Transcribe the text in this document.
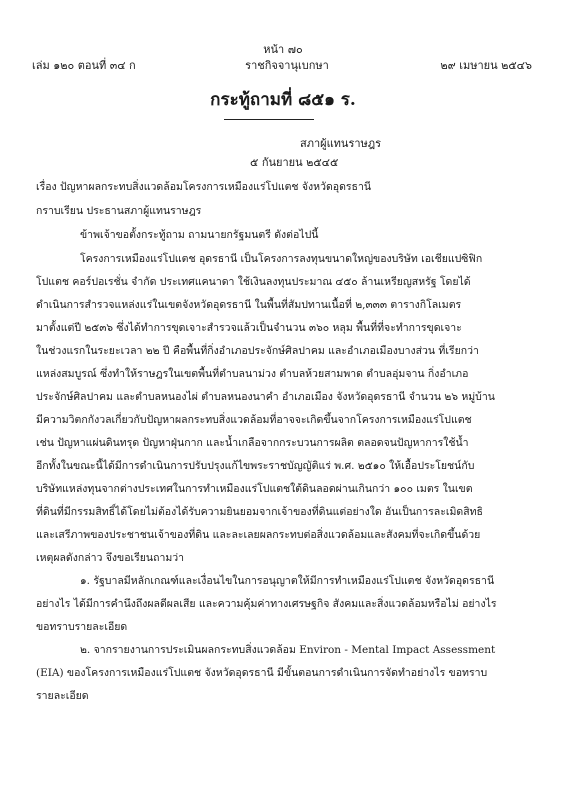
หน้า ๗๐
เล่ม ๑๒๐ ตอนที่ ๓๔ ก	ราชกิจจานุเบกษา	๒๙ เมษายน ๒๕๔๖
กระทู้ถามที่ ๘๕๑ ร.
สภาผู้แทนราษฎร
๕ กันยายน ๒๕๔๕
เรื่อง ปัญหาผลกระทบสิ่งแวดล้อมโครงการเหมืองแร่โปแตช จังหวัดอุดรธานี
กราบเรียน ประธานสภาผู้แทนราษฎร
ข้าพเจ้าขอตั้งกระทู้ถาม ถามนายกรัฐมนตรี ดังต่อไปนี้
โครงการเหมืองแร่โปแตช อุดรธานี เป็นโครงการลงทุนขนาดใหญ่ของบริษัท เอเชียแปซิฟิก
โปแตช คอร์ปอเรชั่น จำกัด ประเทศแคนาดา ใช้เงินลงทุนประมาณ ๔๕๐ ล้านเหรียญสหรัฐ โดยได้
ดำเนินการสำรวจแหล่งแร่ในเขตจังหวัดอุดรธานี ในพื้นที่สัมปทานเนื้อที่ ๒,๓๓๓ ตารางกิโลเมตร
มาตั้งแต่ปี ๒๕๓๖ ซึ่งได้ทำการขุดเจาะสำรวจแล้วเป็นจำนวน ๓๖๐ หลุม พื้นที่ที่จะทำการขุดเจาะ
ในช่วงแรกในระยะเวลา ๒๒ ปี คือพื้นที่กิ่งอำเภอประจักษ์ศิลปาคม และอำเภอเมืองบางส่วน ที่เรียกว่า
แหล่งสมบูรณ์ ซึ่งทำให้ราษฎรในเขตพื้นที่ตำบลนาม่วง ตำบลห้วยสามพาด ตำบลอุ่มจาน กิ่งอำเภอ
ประจักษ์ศิลปาคม และตำบลหนองไผ่ ตำบลหนองนาคำ อำเภอเมือง จังหวัดอุดรธานี จำนวน ๒๖ หมู่บ้าน
มีความวิตกกังวลเกี่ยวกับปัญหาผลกระทบสิ่งแวดล้อมที่อาจจะเกิดขึ้นจากโครงการเหมืองแร่โปแตช
เช่น ปัญหาแผ่นดินทรุด ปัญหาฝุ่นกาก และน้ำเกลือจากกระบวนการผลิต ตลอดจนปัญหาการใช้น้ำ
อีกทั้งในขณะนี้ได้มีการดำเนินการปรับปรุงแก้ไขพระราชบัญญัติแร่ พ.ศ. ๒๕๑๐ ให้เอื้อประโยชน์กับ
บริษัทแหล่งทุนจากต่างประเทศในการทำเหมืองแร่โปแตชใต้ดินลอดผ่านเกินกว่า ๑๐๐ เมตร ในเขต
ที่ดินที่มีกรรมสิทธิ์ได้โดยไม่ต้องได้รับความยินยอมจากเจ้าของที่ดินแต่อย่างใด อันเป็นการละเมิดสิทธิ
และเสรีภาพของประชาชนเจ้าของที่ดิน และละเลยผลกระทบต่อสิ่งแวดล้อมและสังคมที่จะเกิดขึ้นด้วย
เหตุผลดังกล่าว จึงขอเรียนถามว่า
๑. รัฐบาลมีหลักเกณฑ์และเงื่อนไขในการอนุญาตให้มีการทำเหมืองแร่โปแตช จังหวัดอุดรธานี
อย่างไร ได้มีการคำนึงถึงผลดีผลเสีย และความคุ้มค่าทางเศรษฐกิจ สังคมและสิ่งแวดล้อมหรือไม่ อย่างไร
ขอทราบรายละเอียด
๒. จากรายงานการประเมินผลกระทบสิ่งแวดล้อม Environ - Mental Impact Assessment
(EIA) ของโครงการเหมืองแร่โปแตช จังหวัดอุดรธานี มีขั้นตอนการดำเนินการจัดทำอย่างไร ขอทราบ
รายละเอียด
